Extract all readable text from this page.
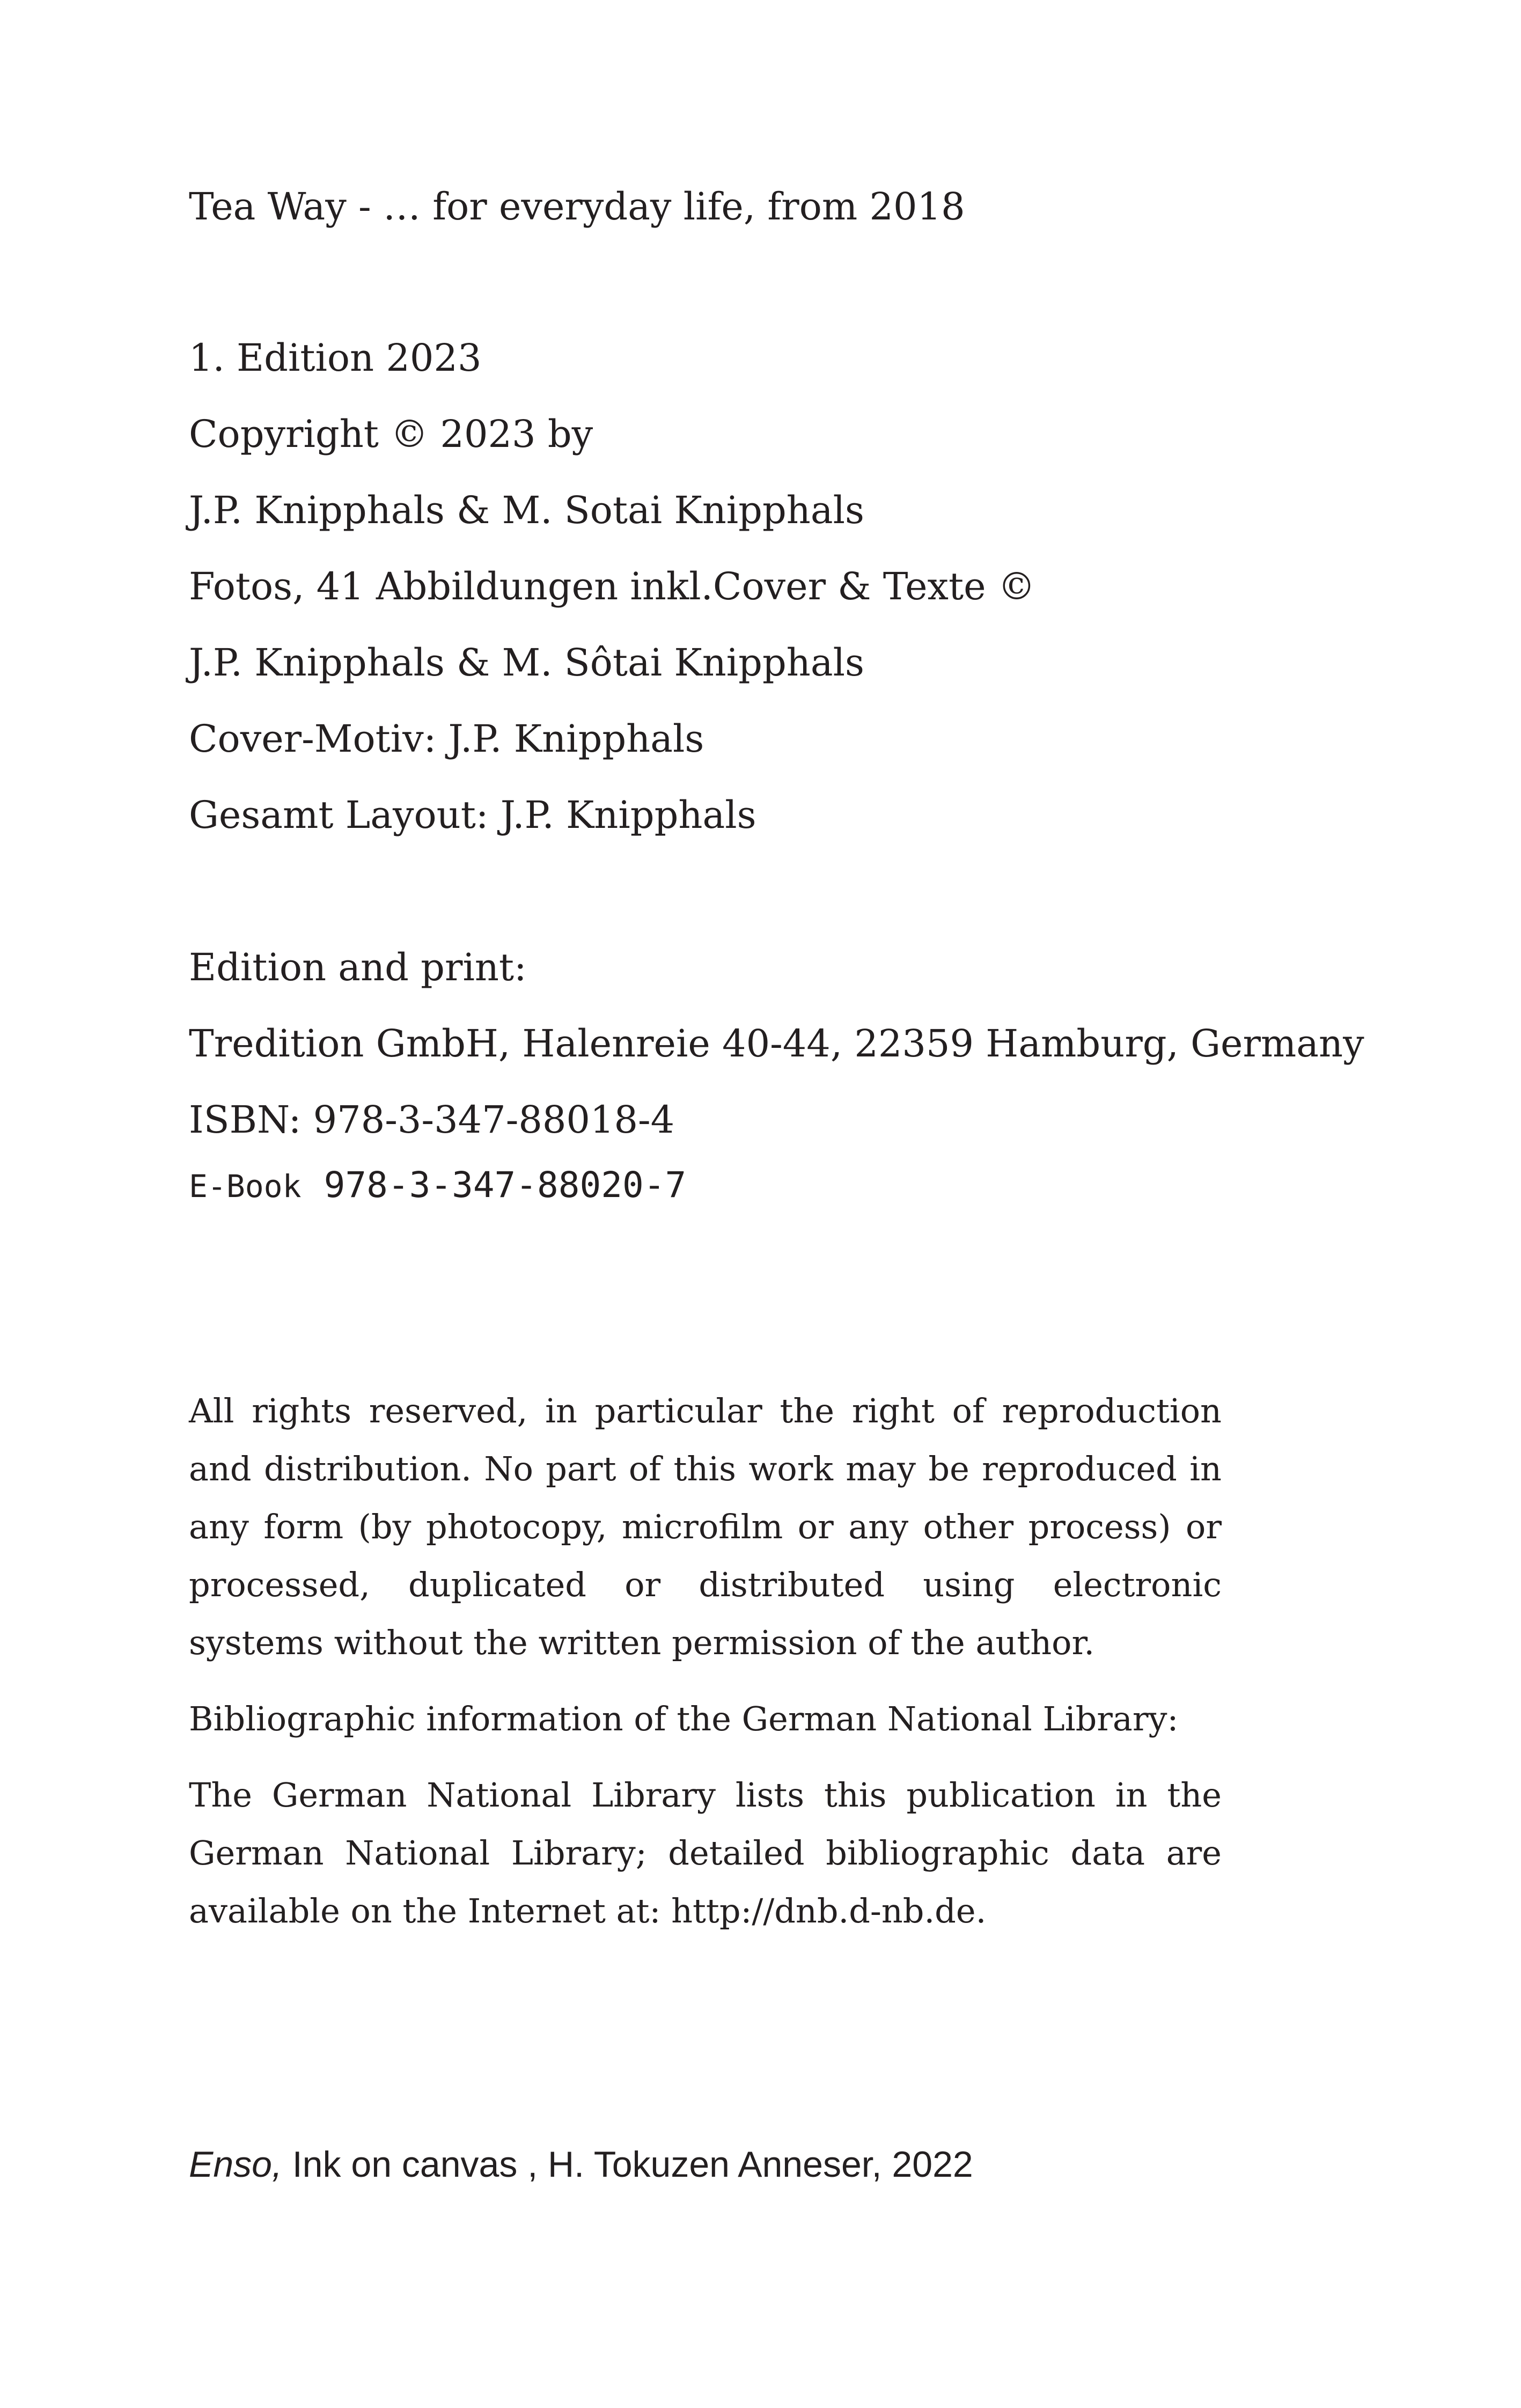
Tea Way - … for everyday life, from 2018
1. Edition 2023
Copyright © 2023 by
J.P. Knipphals & M. Sotai Knipphals
Fotos, 41 Abbildungen inkl.Cover & Texte ©
J.P. Knipphals & M. Sôtai Knipphals
Cover-Motiv: J.P. Knipphals
Gesamt Layout: J.P. Knipphals
Edition and print:
Tredition GmbH, Halenreie 40-44, 22359 Hamburg, Germany
ISBN: 978-3-347-88018-4
E-Book 978-3-347-88020-7
All rights reserved, in particular the right of reproduction and distribution. No part of this work may be reproduced in any form (by photocopy, microfilm or any other process) or processed, duplicated or distributed using electronic systems without the written permission of the author.
Bibliographic information of the German National Library:
The German National Library lists this publication in the German National Library; detailed bibliographic data are available on the Internet at: http://dnb.d-nb.de.
Enso, Ink on canvas , H. Tokuzen Anneser, 2022
